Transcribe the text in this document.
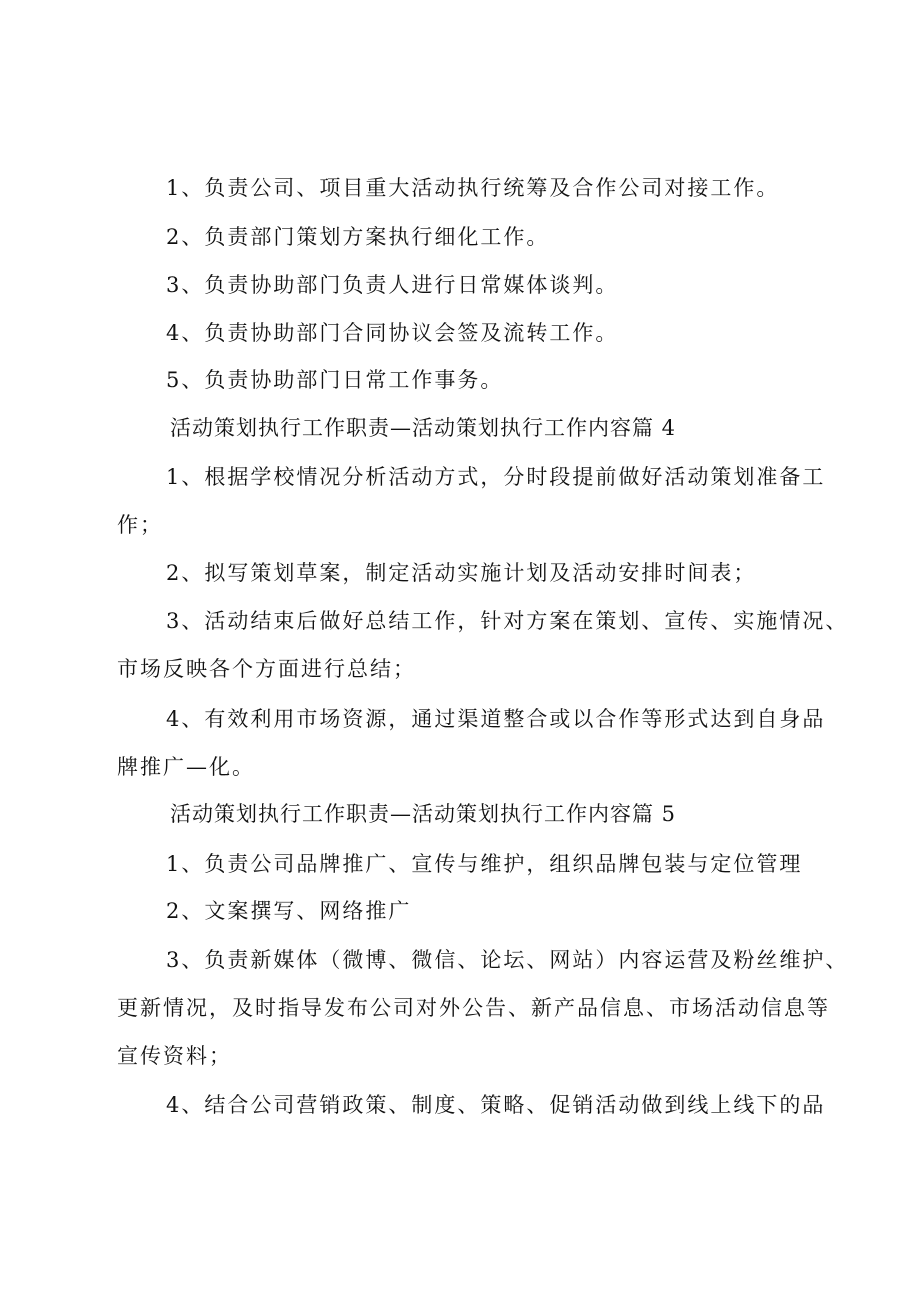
1、负责公司、项目重大活动执行统筹及合作公司对接工作。
2、负责部门策划方案执行细化工作。
3、负责协助部门负责人进行日常媒体谈判。
4、负责协助部门合同协议会签及流转工作。
5、负责协助部门日常工作事务。
活动策划执行工作职责—活动策划执行工作内容篇 4
1、根据学校情况分析活动方式，分时段提前做好活动策划准备工
作；
2、拟写策划草案，制定活动实施计划及活动安排时间表；
3、活动结束后做好总结工作，针对方案在策划、宣传、实施情况、
市场反映各个方面进行总结；
4、有效利用市场资源，通过渠道整合或以合作等形式达到自身品
牌推广—化。
活动策划执行工作职责—活动策划执行工作内容篇 5
1、负责公司品牌推广、宣传与维护，组织品牌包装与定位管理
2、文案撰写、网络推广
3、负责新媒体（微博、微信、论坛、网站）内容运营及粉丝维护、
更新情况，及时指导发布公司对外公告、新产品信息、市场活动信息等
宣传资料；
4、结合公司营销政策、制度、策略、促销活动做到线上线下的品
